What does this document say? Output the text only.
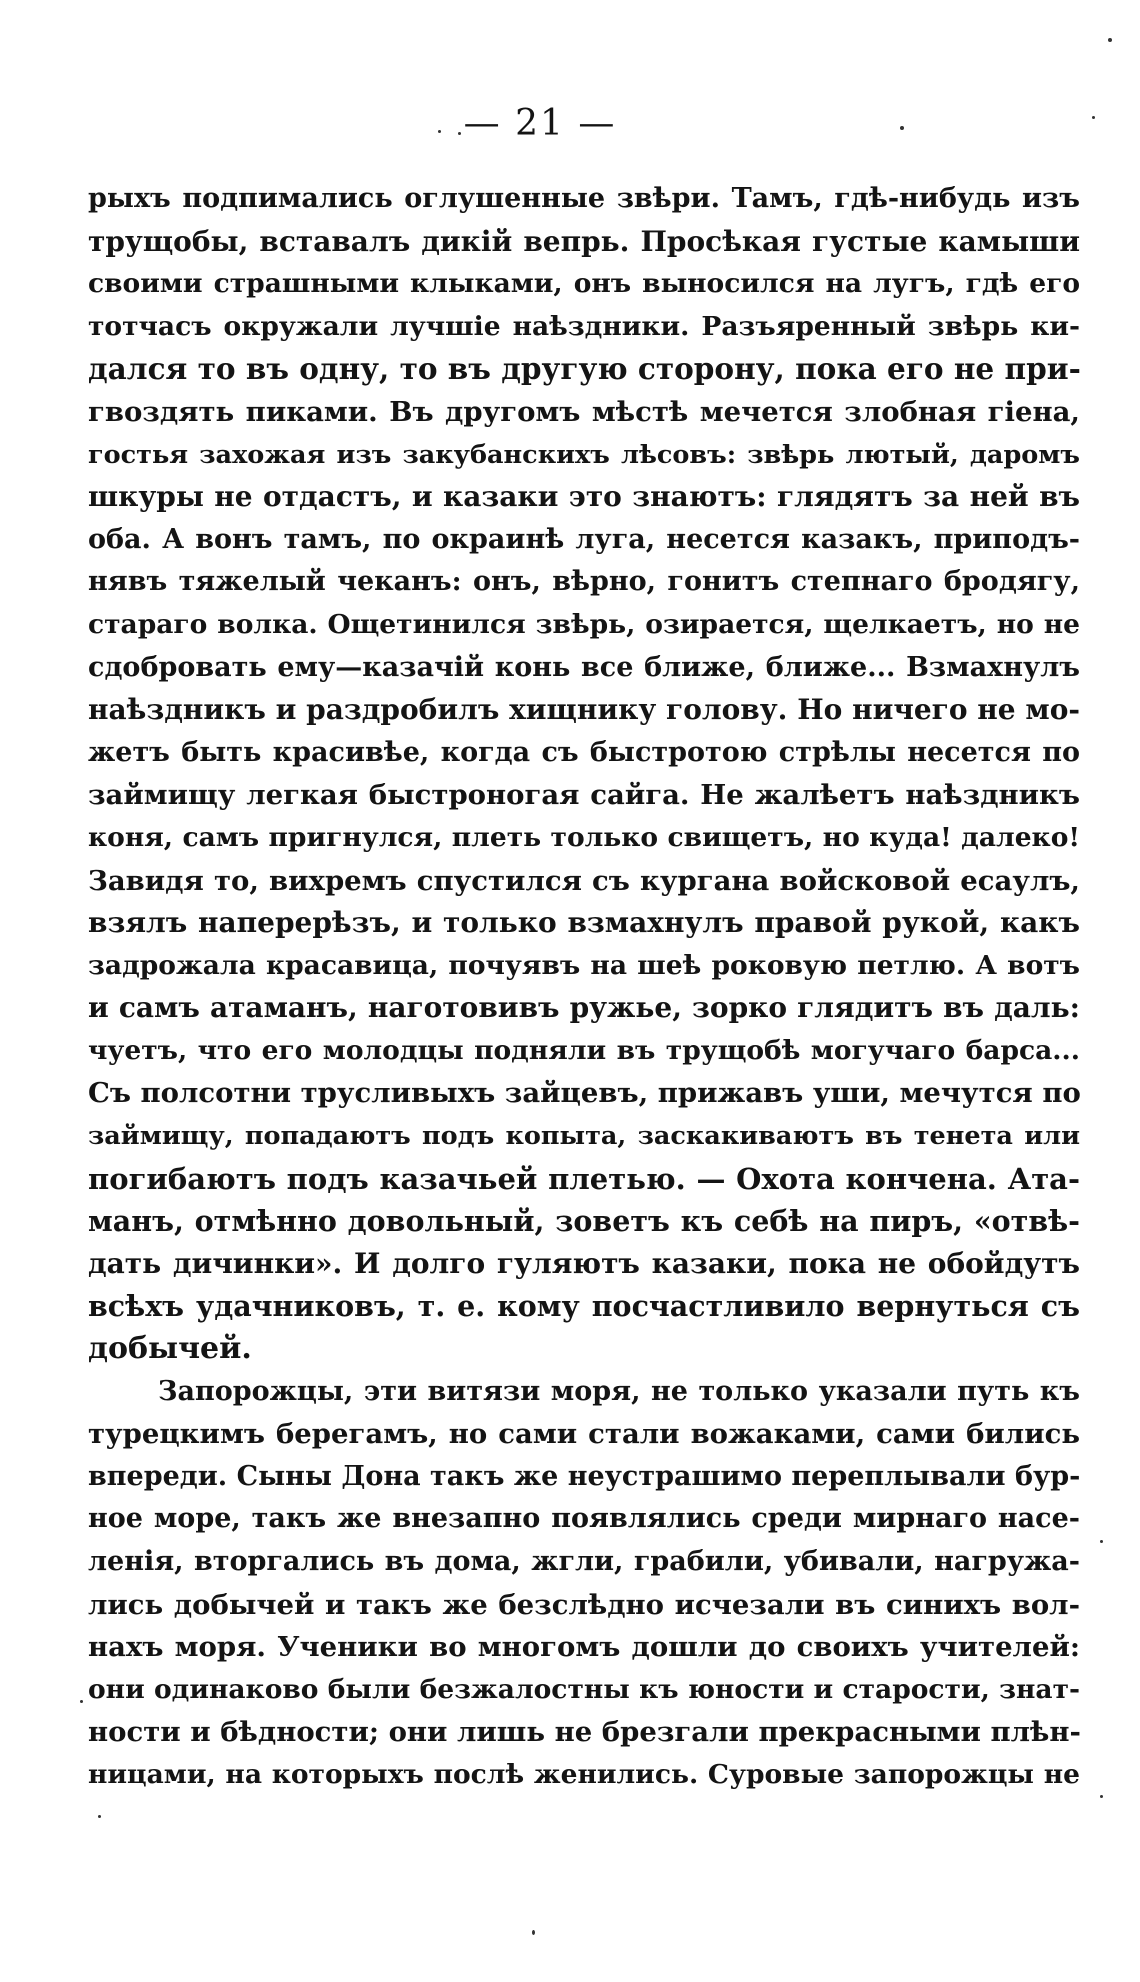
— 21 —
рыхъ подпимались оглушенные звѣри. Тамъ, гдѣ-нибудь изъ
трущобы, вставалъ дикій вепрь. Просѣкая густые камыши
своими страшными клыками, онъ выносился на лугъ, гдѣ его
тотчасъ окружали лучшіе наѣздники. Разъяренный звѣрь ки-
дался то въ одну, то въ другую сторону, пока его не при-
гвоздять пиками. Въ другомъ мѣстѣ мечется злобная гіена,
гостья захожая изъ закубанскихъ лѣсовъ: звѣрь лютый, даромъ
шкуры не отдастъ, и казаки это знаютъ: глядятъ за ней въ
оба. А вонъ тамъ, по окраинѣ луга, несется казакъ, приподъ-
нявъ тяжелый чеканъ: онъ, вѣрно, гонитъ степнаго бродягу,
стараго волка. Ощетинился звѣрь, озирается, щелкаетъ, но не
сдобровать ему—казачій конь все ближе, ближе... Взмахнулъ
наѣздникъ и раздробилъ хищнику голову. Но ничего не мо-
жетъ быть красивѣе, когда съ быстротою стрѣлы несется по
займищу легкая быстроногая сайга. Не жалѣетъ наѣздникъ
коня, самъ пригнулся, плеть только свищетъ, но куда! далеко!
Завидя то, вихремъ спустился съ кургана войсковой есаулъ,
взялъ наперерѣзъ, и только взмахнулъ правой рукой, какъ
задрожала красавица, почуявъ на шеѣ роковую петлю. А вотъ
и самъ атаманъ, наготовивъ ружье, зорко глядитъ въ даль:
чуетъ, что его молодцы подняли въ трущобѣ могучаго барса...
Съ полсотни трусливыхъ зайцевъ, прижавъ уши, мечутся по
займищу, попадаютъ подъ копыта, заскакиваютъ въ тенета или
погибаютъ подъ казачьей плетью. — Охота кончена. Ата-
манъ, отмѣнно довольный, зоветъ къ себѣ на пиръ, «отвѣ-
дать дичинки». И долго гуляютъ казаки, пока не обойдутъ
всѣхъ удачниковъ, т. е. кому посчастливило вернуться съ
добычей.
Запорожцы, эти витязи моря, не только указали путь къ
турецкимъ берегамъ, но сами стали вожаками, сами бились
впереди. Сыны Дона такъ же неустрашимо переплывали бур-
ное море, такъ же внезапно появлялись среди мирнаго насе-
ленія, вторгались въ дома, жгли, грабили, убивали, нагружа-
лись добычей и такъ же безслѣдно исчезали въ синихъ вол-
нахъ моря. Ученики во многомъ дошли до своихъ учителей:
они одинаково были безжалостны къ юности и старости, знат-
ности и бѣдности; они лишь не брезгали прекрасными плѣн-
ницами, на которыхъ послѣ женились. Суровые запорожцы не
